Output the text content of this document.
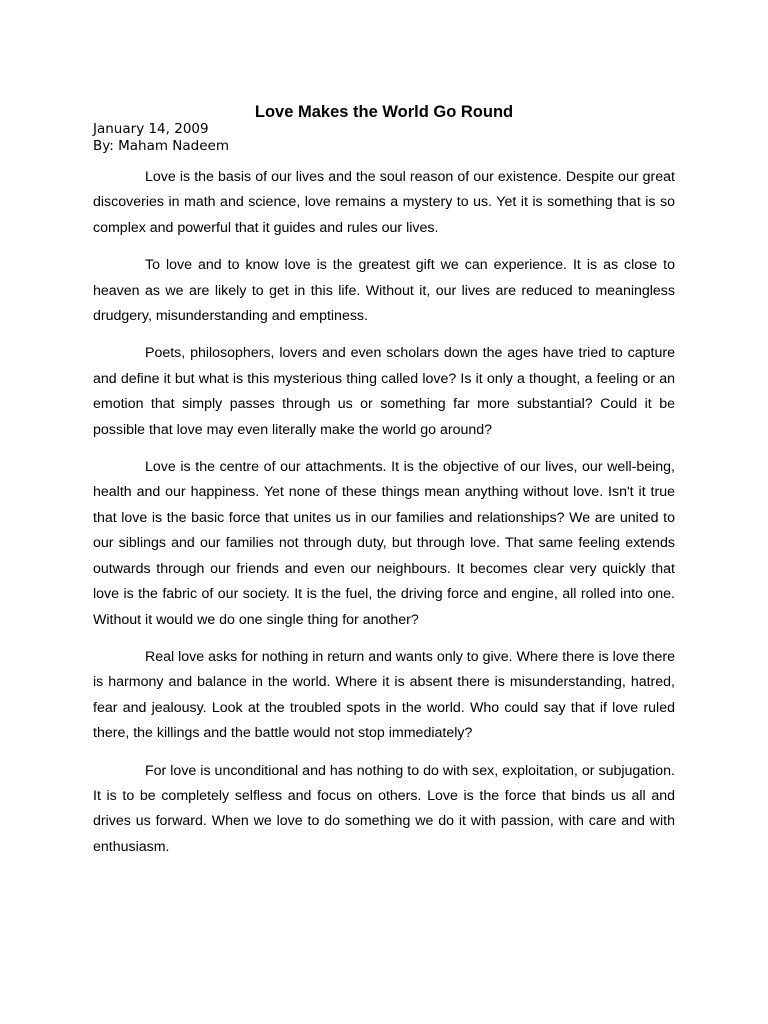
Love Makes the World Go Round
January 14, 2009
By: Maham Nadeem

Love is the basis of our lives and the soul reason of our existence. Despite our great discoveries in math and science, love remains a mystery to us. Yet it is something that is so complex and powerful that it guides and rules our lives.

To love and to know love is the greatest gift we can experience. It is as close to heaven as we are likely to get in this life. Without it, our lives are reduced to meaningless drudgery, misunderstanding and emptiness.

Poets, philosophers, lovers and even scholars down the ages have tried to capture and define it but what is this mysterious thing called love? Is it only a thought, a feeling or an emotion that simply passes through us or something far more substantial? Could it be possible that love may even literally make the world go around?

Love is the centre of our attachments. It is the objective of our lives, our well-being, health and our happiness. Yet none of these things mean anything without love. Isn't it true that love is the basic force that unites us in our families and relationships? We are united to our siblings and our families not through duty, but through love. That same feeling extends outwards through our friends and even our neighbours. It becomes clear very quickly that love is the fabric of our society. It is the fuel, the driving force and engine, all rolled into one. Without it would we do one single thing for another?

Real love asks for nothing in return and wants only to give. Where there is love there is harmony and balance in the world. Where it is absent there is misunderstanding, hatred, fear and jealousy. Look at the troubled spots in the world. Who could say that if love ruled there, the killings and the battle would not stop immediately?

For love is unconditional and has nothing to do with sex, exploitation, or subjugation. It is to be completely selfless and focus on others. Love is the force that binds us all and drives us forward. When we love to do something we do it with passion, with care and with enthusiasm.
